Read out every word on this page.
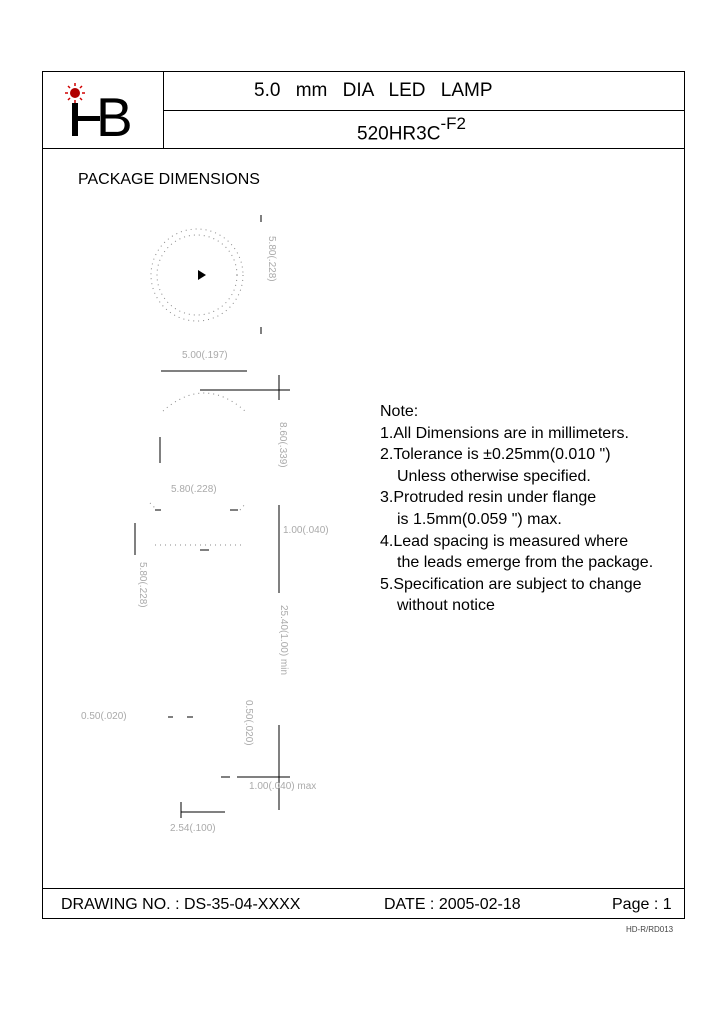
B	5.0 mm DIA LED LAMP
$520HR3C^{-F2}$
PACKAGE DIMENSIONS
5.00(.197)
5.80(.228)
5.80(.228)
8.60(.339)
1.00(.040)
25.40(1.00) min
5.80(.228)
0.50(.020)	0.50(.020)
1.00(.040) max
2.54(.100)
Note:
1.All Dimensions are in millimeters.
2.Tolerance is ±0.25mm(0.010 ")
Unless otherwise specified.
3.Protruded resin under flange
is 1.5mm(0.059 ") max.
4.Lead spacing is measured where
the leads emerge from the package.
5.Specification are subject to change
without notice
DRAWING NO. : DS-35-04-XXXX	DATE : 2005-02-18	Page : 1
HD-R/RD013
